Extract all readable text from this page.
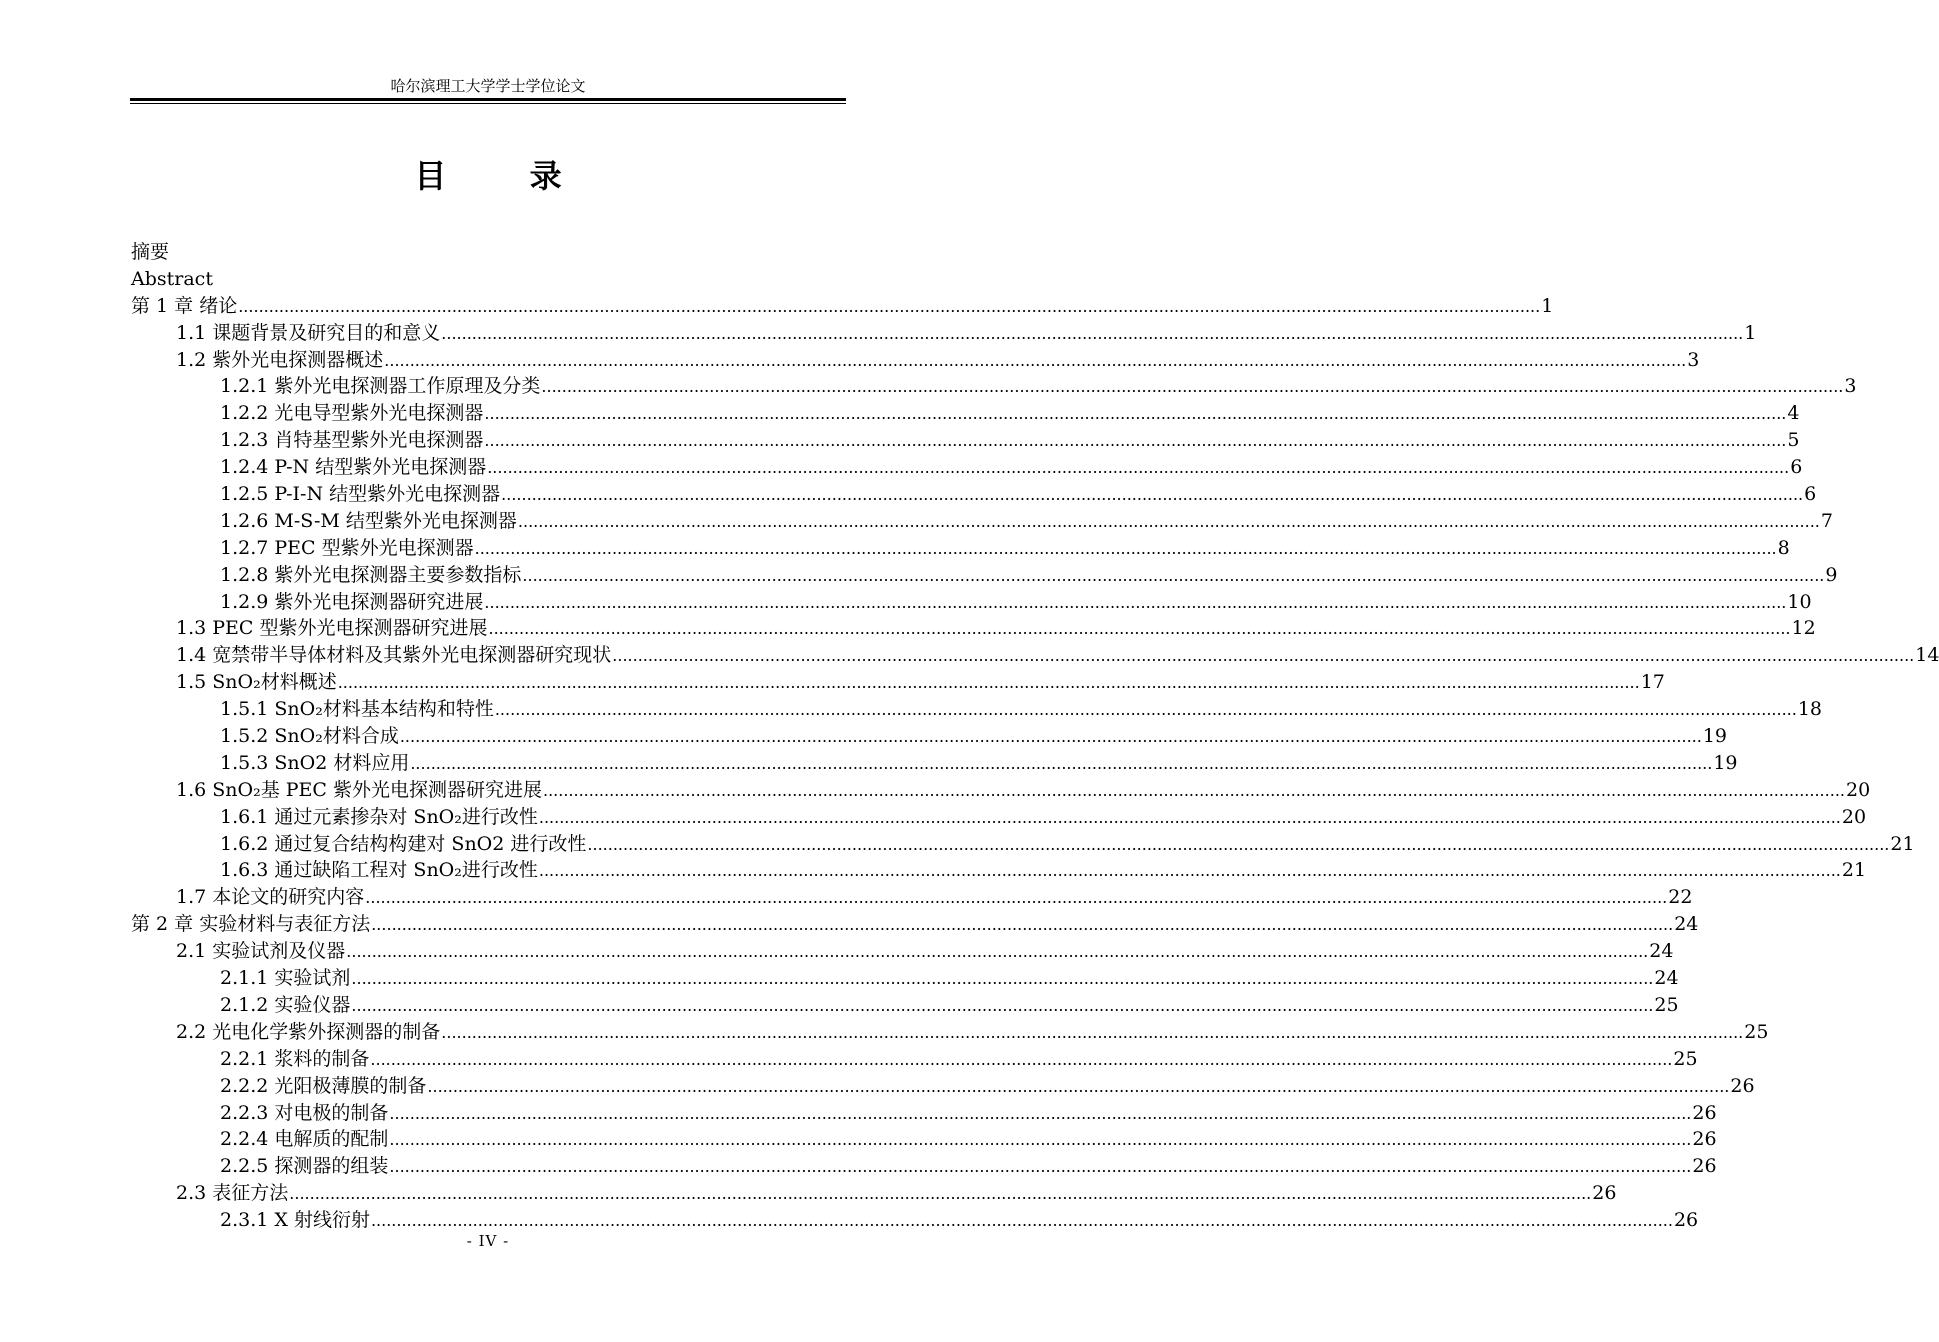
哈尔滨理工大学学士学位论文
目 录
摘要
Abstract
第 1 章 绪论 .....	1
1.1 课题背景及研究目的和意义 .....	1
1.2 紫外光电探测器概述 .....	3
1.2.1 紫外光电探测器工作原理及分类 .....	3
1.2.2 光电导型紫外光电探测器 .....	4
1.2.3 肖特基型紫外光电探测器 .....	5
1.2.4 P-N 结型紫外光电探测器 .....	6
1.2.5 P-I-N 结型紫外光电探测器 .....	6
1.2.6 M-S-M 结型紫外光电探测器 .....	7
1.2.7 PEC 型紫外光电探测器 .....	8
1.2.8 紫外光电探测器主要参数指标 .....	9
1.2.9 紫外光电探测器研究进展 .....	10
1.3 PEC 型紫外光电探测器研究进展 .....	12
1.4 宽禁带半导体材料及其紫外光电探测器研究现状 .....	14
1.5 SnO₂材料概述 .....	17
1.5.1 SnO₂材料基本结构和特性 .....	18
1.5.2 SnO₂材料合成 .....	19
1.5.3 SnO2 材料应用 .....	19
1.6 SnO₂基 PEC 紫外光电探测器研究进展 .....	20
1.6.1 通过元素掺杂对 SnO₂进行改性 .....	20
1.6.2 通过复合结构构建对 SnO2 进行改性 .....	21
1.6.3 通过缺陷工程对 SnO₂进行改性 .....	21
1.7 本论文的研究内容 .....	22
第 2 章 实验材料与表征方法 .....	24
2.1 实验试剂及仪器 .....	24
2.1.1 实验试剂 .....	24
2.1.2 实验仪器 .....	25
2.2 光电化学紫外探测器的制备 .....	25
2.2.1 浆料的制备 .....	25
2.2.2 光阳极薄膜的制备 .....	26
2.2.3 对电极的制备 .....	26
2.2.4 电解质的配制 .....	26
2.2.5 探测器的组装 .....	26
2.3 表征方法 .....	26
2.3.1 X 射线衍射 .....	26
- IV -
